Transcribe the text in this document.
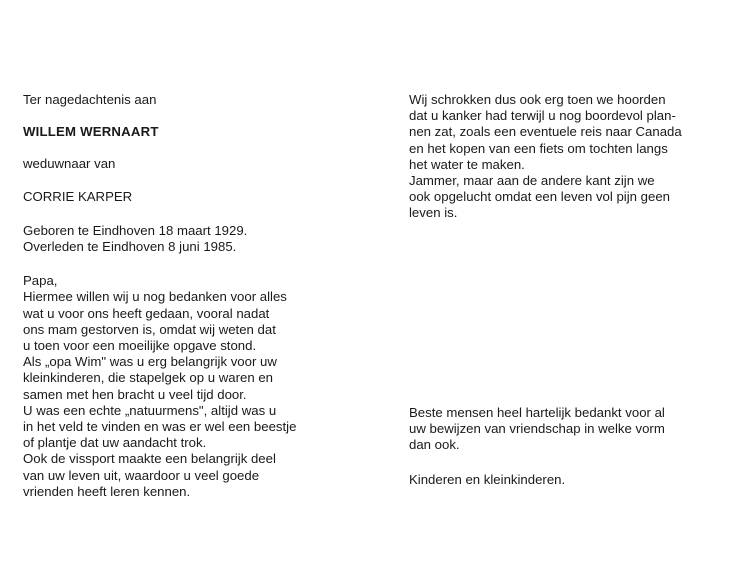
Ter nagedachtenis aan

WILLEM WERNAART

weduwnaar van

CORRIE KARPER

Geboren te Eindhoven 18 maart 1929.

Overleden te Eindhoven 8 juni 1985.

Papa,

Hiermee willen wij u nog bedanken voor alles
wat u voor ons heeft gedaan, vooral nadat
ons mam gestorven is, omdat wij weten dat
u toen voor een moeilijke opgave stond.
Als „opa Wim" was u erg belangrijk voor uw
kleinkinderen, die stapelgek op u waren en
samen met hen bracht u veel tijd door.
U was een echte „natuurmens", altijd was u
in het veld te vinden en was er wel een beestje
of plantje dat uw aandacht trok.
Ook de vissport maakte een belangrijk deel
van uw leven uit, waardoor u veel goede
vrienden heeft leren kennen.
Wij schrokken dus ook erg toen we hoorden
dat u kanker had terwijl u nog boordevol plan-
nen zat, zoals een eventuele reis naar Canada
en het kopen van een fiets om tochten langs
het water te maken.
Jammer, maar aan de andere kant zijn we
ook opgelucht omdat een leven vol pijn geen
leven is.
Beste mensen heel hartelijk bedankt voor al
uw bewijzen van vriendschap in welke vorm
dan ook.
Kinderen en kleinkinderen.
